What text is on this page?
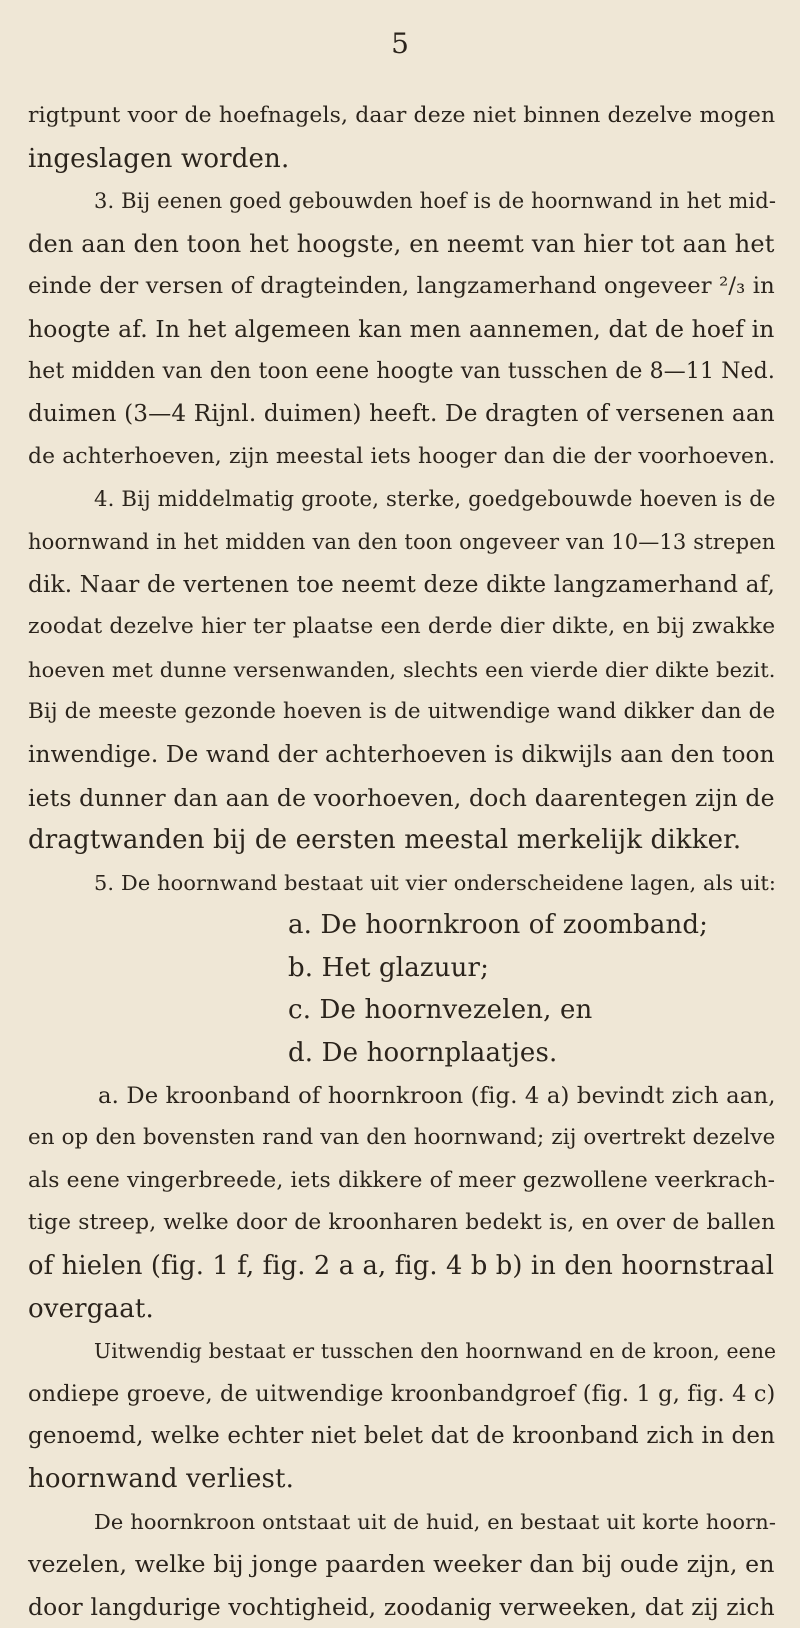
5
rigtpunt voor de hoefnagels, daar deze niet binnen dezelve mogen
ingeslagen worden.
3. Bij eenen goed gebouwden hoef is de hoornwand in het mid-
den aan den toon het hoogste, en neemt van hier tot aan het
einde der versen of dragteinden, langzamerhand ongeveer ²/₃ in
hoogte af. In het algemeen kan men aannemen, dat de hoef in
het midden van den toon eene hoogte van tusschen de 8—11 Ned.
duimen (3—4 Rijnl. duimen) heeft. De dragten of versenen aan
de achterhoeven, zijn meestal iets hooger dan die der voorhoeven.
4. Bij middelmatig groote, sterke, goedgebouwde hoeven is de
hoornwand in het midden van den toon ongeveer van 10—13 strepen
dik. Naar de vertenen toe neemt deze dikte langzamerhand af,
zoodat dezelve hier ter plaatse een derde dier dikte, en bij zwakke
hoeven met dunne versenwanden, slechts een vierde dier dikte bezit.
Bij de meeste gezonde hoeven is de uitwendige wand dikker dan de
inwendige. De wand der achterhoeven is dikwijls aan den toon
iets dunner dan aan de voorhoeven, doch daarentegen zijn de
dragtwanden bij de eersten meestal merkelijk dikker.
5. De hoornwand bestaat uit vier onderscheidene lagen, als uit:
a. De hoornkroon of zoomband;
b. Het glazuur;
c. De hoornvezelen, en
d. De hoornplaatjes.
a. De kroonband of hoornkroon (fig. 4 a) bevindt zich aan,
en op den bovensten rand van den hoornwand; zij overtrekt dezelve
als eene vingerbreede, iets dikkere of meer gezwollene veerkrach-
tige streep, welke door de kroonharen bedekt is, en over de ballen
of hielen (fig. 1 f, fig. 2 a a, fig. 4 b b) in den hoornstraal
overgaat.
Uitwendig bestaat er tusschen den hoornwand en de kroon, eene
ondiepe groeve, de uitwendige kroonbandgroef (fig. 1 g, fig. 4 c)
genoemd, welke echter niet belet dat de kroonband zich in den
hoornwand verliest.
De hoornkroon ontstaat uit de huid, en bestaat uit korte hoorn-
vezelen, welke bij jonge paarden weeker dan bij oude zijn, en
door langdurige vochtigheid, zoodanig verweeken, dat zij zich
